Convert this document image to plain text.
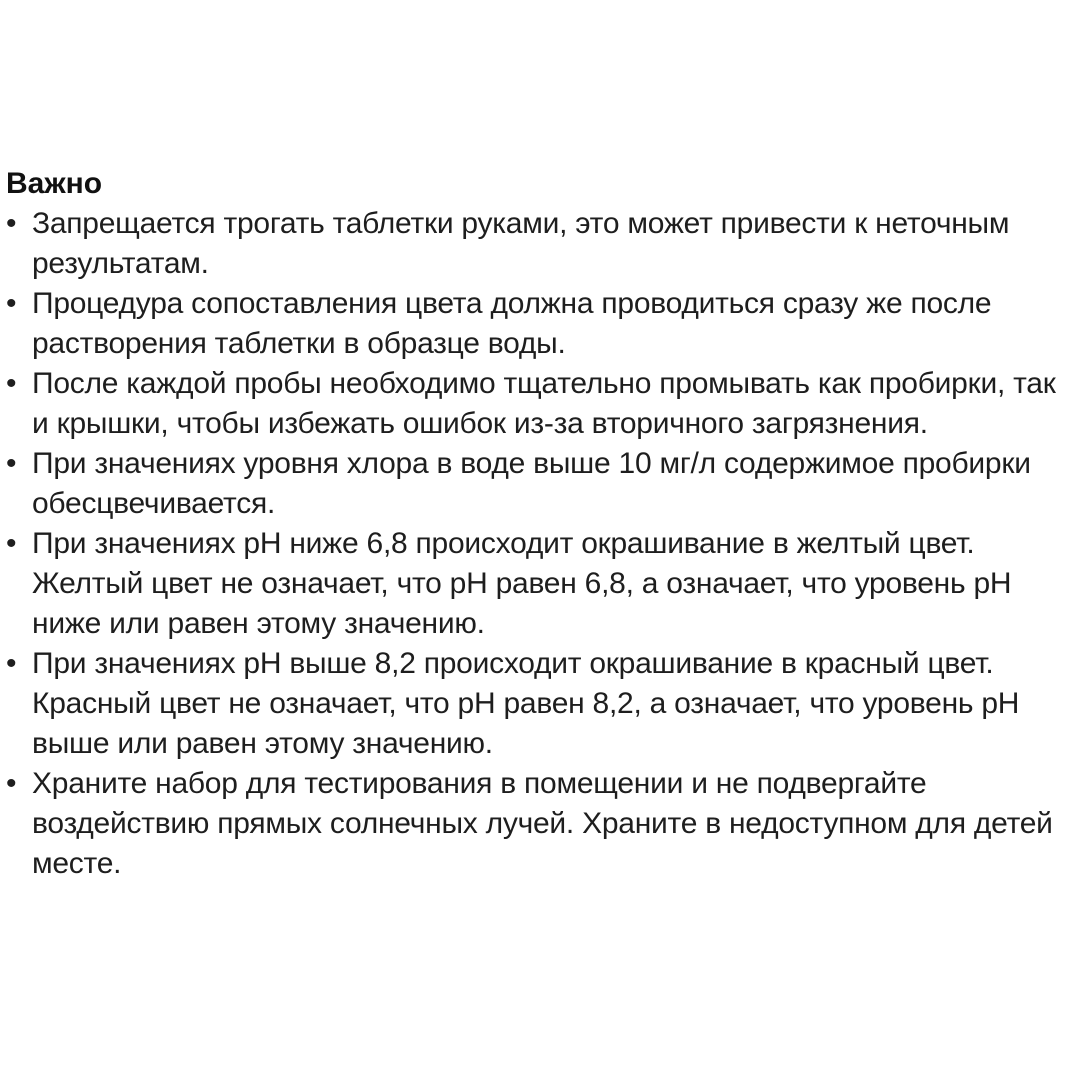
Важно
• Запрещается трогать таблетки руками, это может привести к неточным результатам.
• Процедура сопоставления цвета должна проводиться сразу же после растворения таблетки в образце воды.
• После каждой пробы необходимо тщательно промывать как пробирки, так и крышки, чтобы избежать ошибок из-за вторичного загрязнения.
• При значениях уровня хлора в воде выше 10 мг/л содержимое пробирки обесцвечивается.
• При значениях pH ниже 6,8 происходит окрашивание в желтый цвет. Желтый цвет не означает, что pH равен 6,8, а означает, что уровень pH ниже или равен этому значению.
• При значениях pH выше 8,2 происходит окрашивание в красный цвет. Красный цвет не означает, что pH равен 8,2, а означает, что уровень pH выше или равен этому значению.
• Храните набор для тестирования в помещении и не подвергайте воздействию прямых солнечных лучей. Храните в недоступном для детей месте.
